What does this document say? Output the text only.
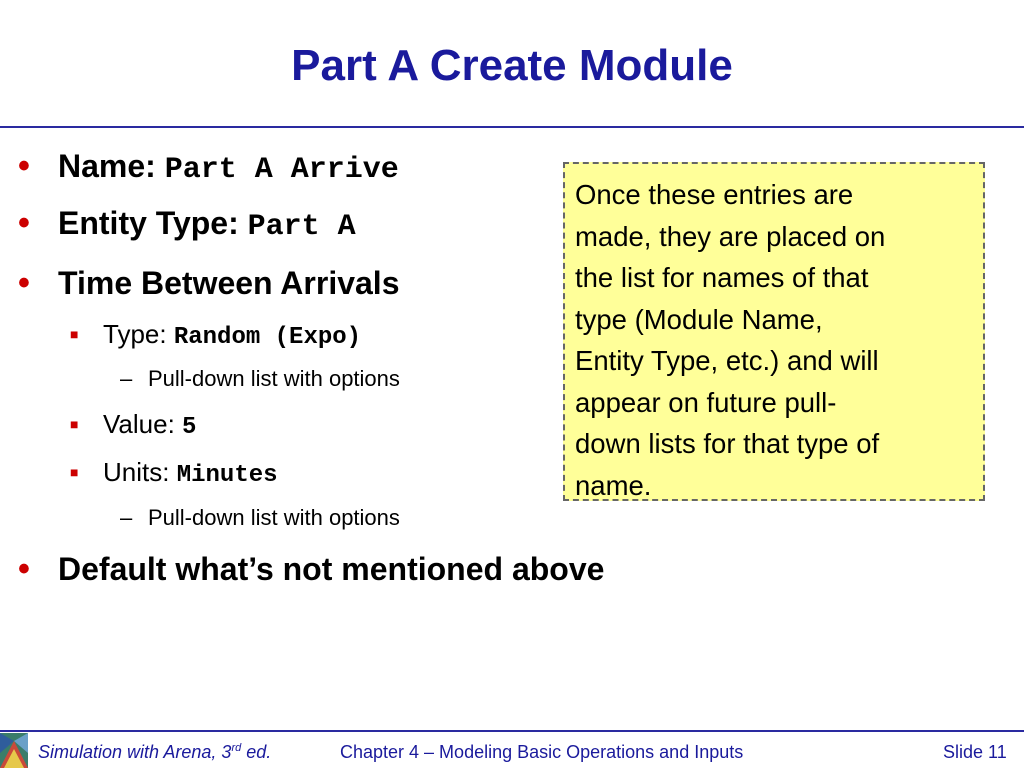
Part A Create Module
• Name: Part A Arrive
• Entity Type: Part A
• Time Between Arrivals
■ Type: Random (Expo)
– Pull-down list with options
■ Value: 5
■ Units: Minutes
– Pull-down list with options
• Default what’s not mentioned above
Once these entries are
made, they are placed on
the list for names of that
type (Module Name,
Entity Type, etc.) and will
appear on future pull-
down lists for that type of
name.
Simulation with Arena, 3rd ed.	Chapter 4 – Modeling Basic Operations and Inputs	Slide 11
